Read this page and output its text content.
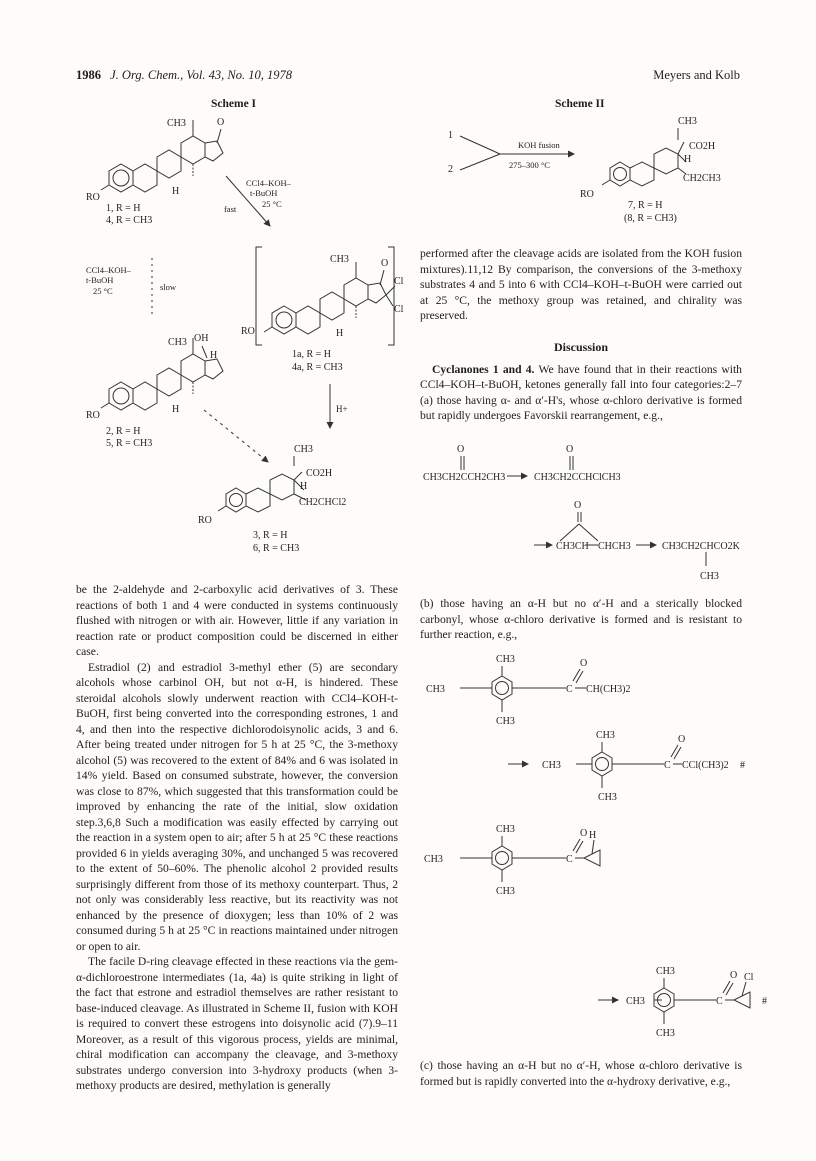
1986 J. Org. Chem., Vol. 43, No. 10, 1978	Meyers and Kolb
Scheme I	Scheme II
CH3	O
H
RO
1, R = H
4, R = CH3
CCl4–KOH–
t-BuOH
25 °C
fast
CCl4–KOH–
t-BuOH
25 °C	slow
CH3	O
Cl
Cl
H
RO
1a, R = H
4a, R = CH3
CH3 OH
H
H
RO
2, R = H
5, R = CH3
H+
CH3
CO2H
H
CH2CHCl2
RO
3, R = H
6, R = CH3
1
2
KOH fusion
275–300 °C
CH3
CO2H
H
CH2CH3
RO
7, R = H
(8, R = CH3)
O
CH3CH2CCH2CH3
O
CH3CH2CCHClCH3
O
CH3CH CHCH3	CH3CH2CHCO2K
CH3
CH3
CH3
CH3
C
O
CH(CH3)2
CH3
CH3
CH3
C
O
CCl(CH3)2 #
CH3
CH3
CH3
C
O H
CH3
CH3
CH3
C
O Cl
#

be the 2-aldehyde and 2-carboxylic acid derivatives of 3. These reactions of both 1 and 4 were conducted in systems continuously flushed with nitrogen or with air. However, little if any variation in reaction rate or product composition could be discerned in either case.

Estradiol (2) and estradiol 3-methyl ether (5) are secondary alcohols whose carbinol OH, but not α-H, is hindered. These steroidal alcohols slowly underwent reaction with CCl4–KOH-t-BuOH, first being converted into the corresponding estrones, 1 and 4, and then into the respective dichlorodoisynolic acids, 3 and 6. After being treated under nitrogen for 5 h at 25 °C, the 3-methoxy alcohol (5) was recovered to the extent of 84% and 6 was isolated in 14% yield. Based on consumed substrate, however, the conversion was close to 87%, which suggested that this transformation could be improved by enhancing the rate of the initial, slow oxidation step.3,6,8 Such a modification was easily effected by carrying out the reaction in a system open to air; after 5 h at 25 °C these reactions provided 6 in yields averaging 30%, and unchanged 5 was recovered to the extent of 50–60%. The phenolic alcohol 2 provided results surprisingly different from those of its methoxy counterpart. Thus, 2 not only was considerably less reactive, but its reactivity was not enhanced by the presence of dioxygen; less than 10% of 2 was consumed during 5 h at 25 °C in reactions maintained under nitrogen or open to air.

The facile D-ring cleavage effected in these reactions via the gem-α-dichloroestrone intermediates (1a, 4a) is quite striking in light of the fact that estrone and estradiol themselves are rather resistant to base-induced cleavage. As illustrated in Scheme II, fusion with KOH is required to convert these estrogens into doisynolic acid (7).9–11 Moreover, as a result of this vigorous process, yields are minimal, chiral modification can accompany the cleavage, and 3-methoxy substrates undergo conversion into 3-hydroxy products (when 3-methoxy products are desired, methylation is generally

performed after the cleavage acids are isolated from the KOH fusion mixtures).11,12 By comparison, the conversions of the 3-methoxy substrates 4 and 5 into 6 with CCl4–KOH–t-BuOH were carried out at 25 °C, the methoxy group was retained, and chirality was preserved.

Discussion

Cyclanones 1 and 4. We have found that in their reactions with CCl4–KOH–t-BuOH, ketones generally fall into four categories:2–7 (a) those having α- and α′-H's, whose α-chloro derivative is formed but rapidly undergoes Favorskii rearrangement, e.g.,

(b) those having an α-H but no α′-H and a sterically blocked carbonyl, whose α-chloro derivative is formed and is resistant to further reaction, e.g.,

(c) those having an α-H but no α′-H, whose α-chloro derivative is formed but is rapidly converted into the α-hydroxy derivative, e.g.,
